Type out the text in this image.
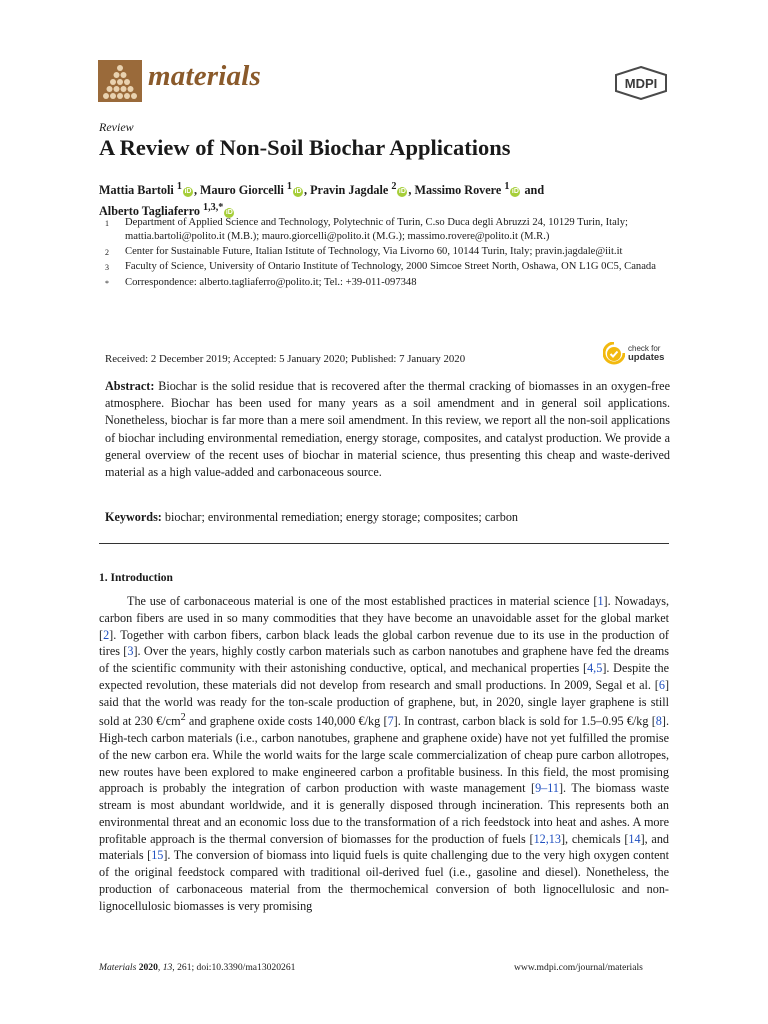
materials	MDPI
Review
A Review of Non-Soil Biochar Applications
Mattia Bartoli $^1$ iD , Mauro Giorcelli $^1$ iD , Pravin Jagdale $^2$ iD , Massimo Rovere $^1$ iD and
Alberto Tagliaferro $^{1,3,*}$ iD
1	Department of Applied Science and Technology, Polytechnic of Turin, C.so Duca degli Abruzzi 24, 10129 Turin, Italy; mattia.bartoli@polito.it (M.B.); mauro.giorcelli@polito.it (M.G.); massimo.rovere@polito.it (M.R.)
2	Center for Sustainable Future, Italian Istitute of Technology, Via Livorno 60, 10144 Turin, Italy; pravin.jagdale@iit.it
3	Faculty of Science, University of Ontario Institute of Technology, 2000 Simcoe Street North, Oshawa, ON L1G 0C5, Canada
*	Correspondence: alberto.tagliaferro@polito.it; Tel.: +39-011-097348
Received: 2 December 2019; Accepted: 5 January 2020; Published: 7 January 2020
check for
updates

Abstract: Biochar is the solid residue that is recovered after the thermal cracking of biomasses in an oxygen-free atmosphere. Biochar has been used for many years as a soil amendment and in general soil applications. Nonetheless, biochar is far more than a mere soil amendment. In this review, we report all the non-soil applications of biochar including environmental remediation, energy storage, composites, and catalyst production. We provide a general overview of the recent uses of biochar in material science, thus presenting this cheap and waste-derived material as a high value-added and carbonaceous source.

Keywords: biochar; environmental remediation; energy storage; composites; carbon

1. Introduction

The use of carbonaceous material is one of the most established practices in material science [1]. Nowadays, carbon fibers are used in so many commodities that they have become an unavoidable asset for the global market [2]. Together with carbon fibers, carbon black leads the global carbon revenue due to its use in the production of tires [3]. Over the years, highly costly carbon materials such as carbon nanotubes and graphene have fed the dreams of the scientific community with their astonishing conductive, optical, and mechanical properties [4,5]. Despite the expected revolution, these materials did not develop from research and small productions. In 2009, Segal et al. [6] said that the world was ready for the ton-scale production of graphene, but, in 2020, single layer graphene is still sold at 230 $€/cm^2$ and graphene oxide costs 140,000 €/kg [7]. In contrast, carbon black is sold for 1.5–0.95 €/kg [8]. High-tech carbon materials (i.e., carbon nanotubes, graphene and graphene oxide) have not yet fulfilled the promise of the new carbon era. While the world waits for the large scale commercialization of cheap pure carbon allotropes, new routes have been explored to make engineered carbon a profitable business. In this field, the most promising approach is probably the integration of carbon production with waste management [9–11]. The biomass waste stream is most abundant worldwide, and it is generally disposed through incineration. This represents both an environmental threat and an economic loss due to the transformation of a rich feedstock into heat and ashes. A more profitable approach is the thermal conversion of biomasses for the production of fuels [12,13], chemicals [14], and materials [15]. The conversion of biomass into liquid fuels is quite challenging due to the very high oxygen content of the original feedstock compared with traditional oil-derived fuel (i.e., gasoline and diesel). Nonetheless, the production of carbonaceous material from the thermochemical conversion of both lignocellulosic and non-lignocellulosic biomasses is very promising

Materials 2020, 13, 261; doi:10.3390/ma13020261	www.mdpi.com/journal/materials
